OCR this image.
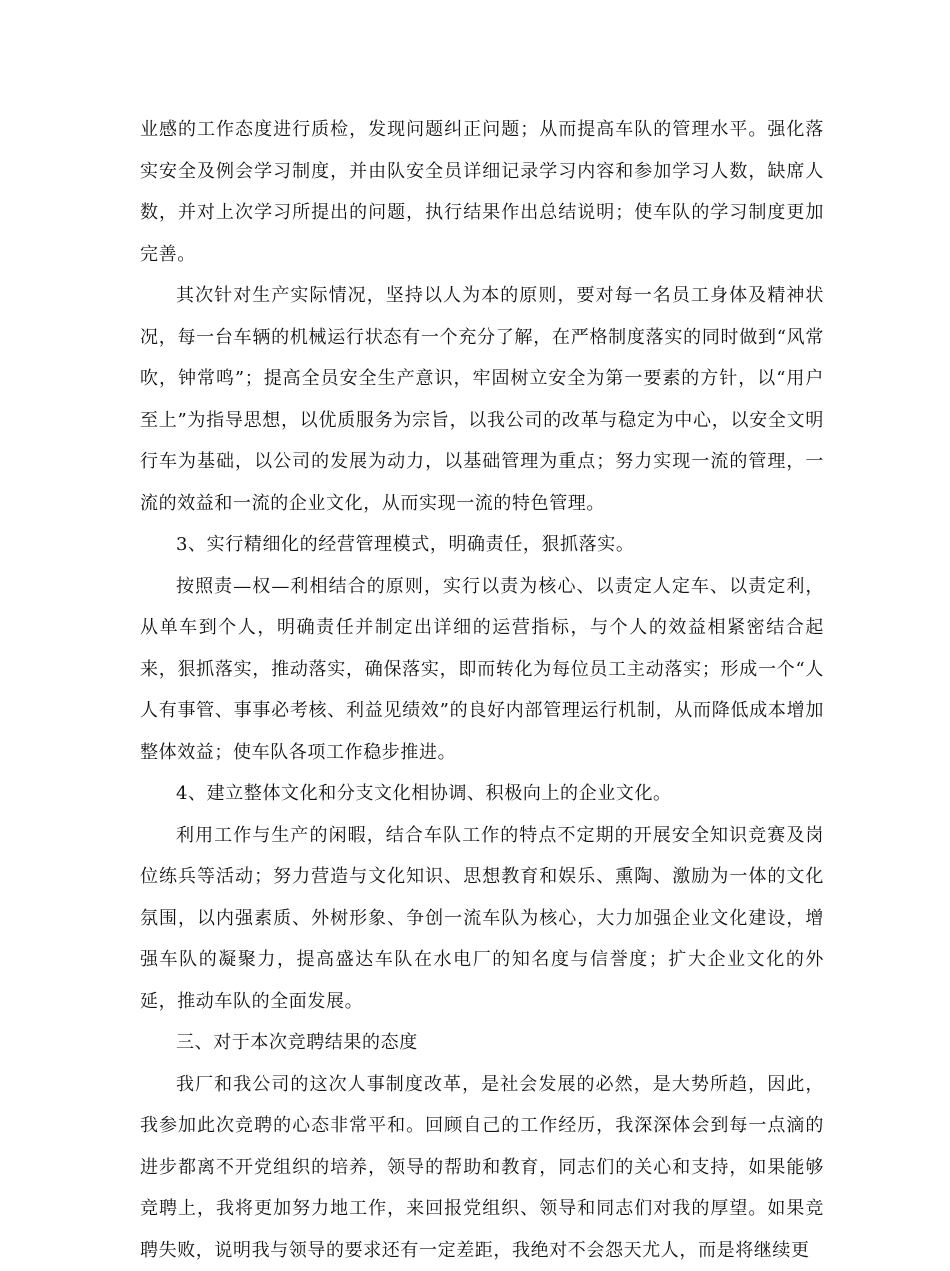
业感的工作态度进行质检，发现问题纠正问题；从而提高车队的管理水平。强化落实安全及例会学习制度，并由队安全员详细记录学习内容和参加学习人数，缺席人数，并对上次学习所提出的问题，执行结果作出总结说明；使车队的学习制度更加完善。

其次针对生产实际情况，坚持以人为本的原则，要对每一名员工身体及精神状况，每一台车辆的机械运行状态有一个充分了解，在严格制度落实的同时做到“风常吹，钟常鸣”；提高全员安全生产意识，牢固树立安全为第一要素的方针，以“用户至上”为指导思想，以优质服务为宗旨，以我公司的改革与稳定为中心，以安全文明行车为基础，以公司的发展为动力，以基础管理为重点；努力实现一流的管理，一流的效益和一流的企业文化，从而实现一流的特色管理。

3、实行精细化的经营管理模式，明确责任，狠抓落实。

按照责—权—利相结合的原则，实行以责为核心、以责定人定车、以责定利，从单车到个人，明确责任并制定出详细的运营指标，与个人的效益相紧密结合起来，狠抓落实，推动落实，确保落实，即而转化为每位员工主动落实；形成一个“人人有事管、事事必考核、利益见绩效”的良好内部管理运行机制，从而降低成本增加整体效益；使车队各项工作稳步推进。

4、建立整体文化和分支文化相协调、积极向上的企业文化。

利用工作与生产的闲暇，结合车队工作的特点不定期的开展安全知识竞赛及岗位练兵等活动；努力营造与文化知识、思想教育和娱乐、熏陶、激励为一体的文化氛围，以内强素质、外树形象、争创一流车队为核心，大力加强企业文化建设，增强车队的凝聚力，提高盛达车队在水电厂的知名度与信誉度；扩大企业文化的外延，推动车队的全面发展。

三、对于本次竞聘结果的态度

我厂和我公司的这次人事制度改革，是社会发展的必然，是大势所趋，因此，我参加此次竞聘的心态非常平和。回顾自己的工作经历，我深深体会到每一点滴的进步都离不开党组织的培养，领导的帮助和教育，同志们的关心和支持，如果能够竞聘上，我将更加努力地工作，来回报党组织、领导和同志们对我的厚望。如果竞聘失败，说明我与领导的要求还有一定差距，我绝对不会怨天尤人，而是将继续更
